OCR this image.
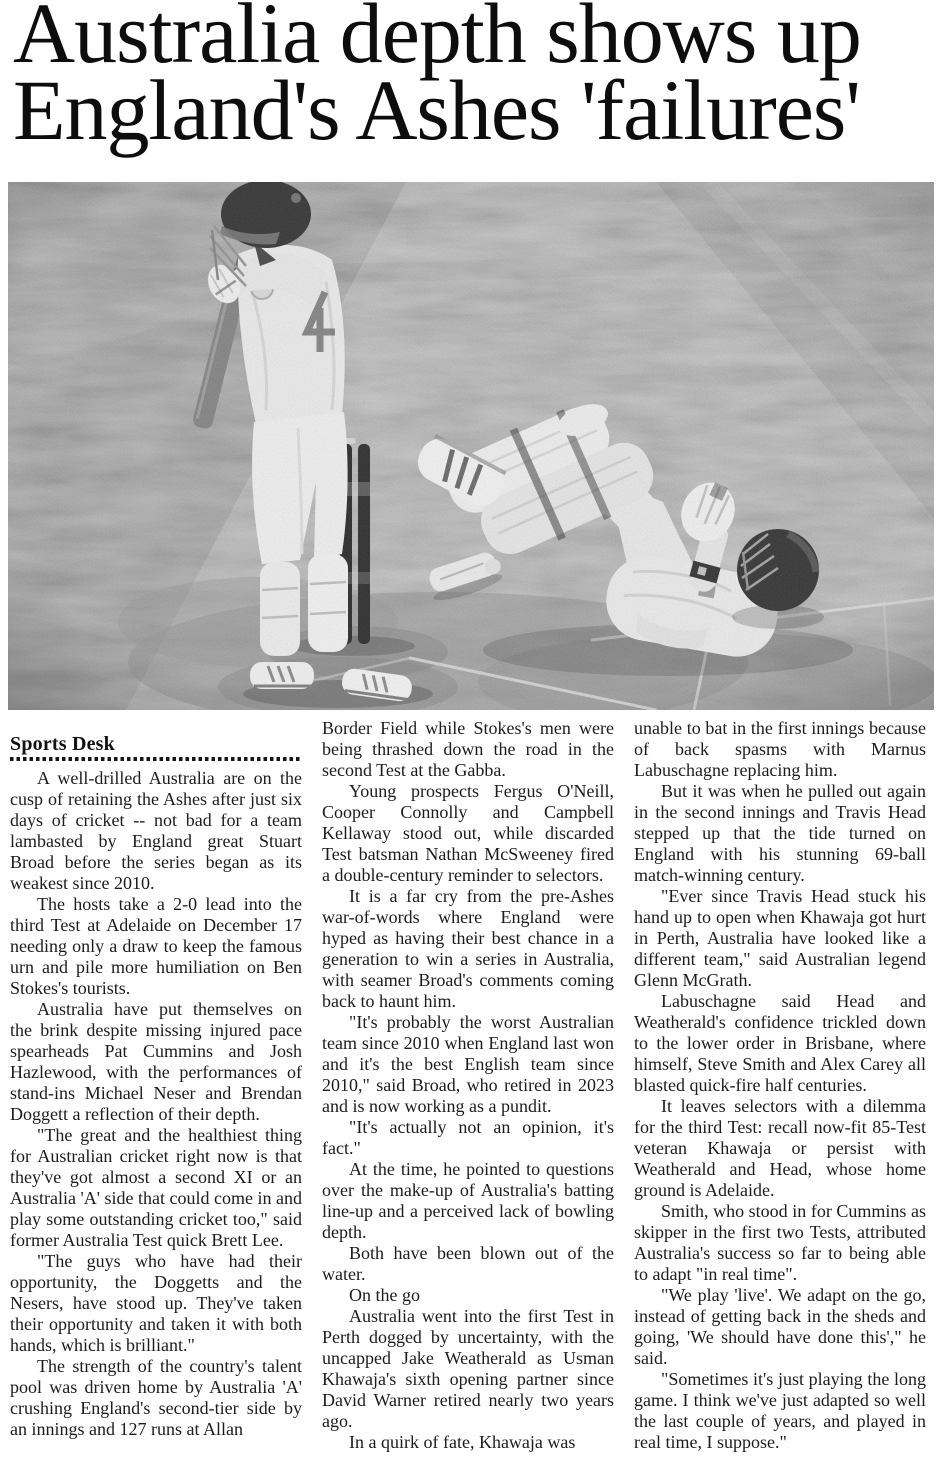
Australia depth shows up
England's Ashes 'failures'
Sports Desk

A well-drilled Australia are on the cusp of retaining the Ashes after just six days of cricket -- not bad for a team lambasted by England great Stuart Broad before the series began as its weakest since 2010.

The hosts take a 2-0 lead into the third Test at Adelaide on December 17 needing only a draw to keep the famous urn and pile more humiliation on Ben Stokes's tourists.

Australia have put themselves on the brink despite missing injured pace spearheads Pat Cummins and Josh Hazlewood, with the performances of stand-ins Michael Neser and Brendan Doggett a reflection of their depth.

"The great and the healthiest thing for Australian cricket right now is that they've got almost a second XI or an Australia 'A' side that could come in and play some outstanding cricket too," said former Australia Test quick Brett Lee.

"The guys who have had their opportunity, the Doggetts and the Nesers, have stood up. They've taken their opportunity and taken it with both hands, which is brilliant."

The strength of the country's talent pool was driven home by Australia 'A' crushing England's second-tier side by an innings and 127 runs at Allan

Border Field while Stokes's men were being thrashed down the road in the second Test at the Gabba.

Young prospects Fergus O'Neill, Cooper Connolly and Campbell Kellaway stood out, while discarded Test batsman Nathan McSweeney fired a double-century reminder to selectors.

It is a far cry from the pre-Ashes war-of-words where England were hyped as having their best chance in a generation to win a series in Australia, with seamer Broad's comments coming back to haunt him.

"It's probably the worst Australian team since 2010 when England last won and it's the best English team since 2010," said Broad, who retired in 2023 and is now working as a pundit.

"It's actually not an opinion, it's fact."

At the time, he pointed to questions over the make-up of Australia's batting line-up and a perceived lack of bowling depth.

Both have been blown out of the water.

On the go

Australia went into the first Test in Perth dogged by uncertainty, with the uncapped Jake Weatherald as Usman Khawaja's sixth opening partner since David Warner retired nearly two years ago.

In a quirk of fate, Khawaja was

unable to bat in the first innings because of back spasms with Marnus Labuschagne replacing him.

But it was when he pulled out again in the second innings and Travis Head stepped up that the tide turned on England with his stunning 69-ball match-winning century.

"Ever since Travis Head stuck his hand up to open when Khawaja got hurt in Perth, Australia have looked like a different team," said Australian legend Glenn McGrath.

Labuschagne said Head and Weatherald's confidence trickled down to the lower order in Brisbane, where himself, Steve Smith and Alex Carey all blasted quick-fire half centuries.

It leaves selectors with a dilemma for the third Test: recall now-fit 85-Test veteran Khawaja or persist with Weatherald and Head, whose home ground is Adelaide.

Smith, who stood in for Cummins as skipper in the first two Tests, attributed Australia's success so far to being able to adapt "in real time".

"We play 'live'. We adapt on the go, instead of getting back in the sheds and going, 'We should have done this'," he said.

"Sometimes it's just playing the long game. I think we've just adapted so well the last couple of years, and played in real time, I suppose."
